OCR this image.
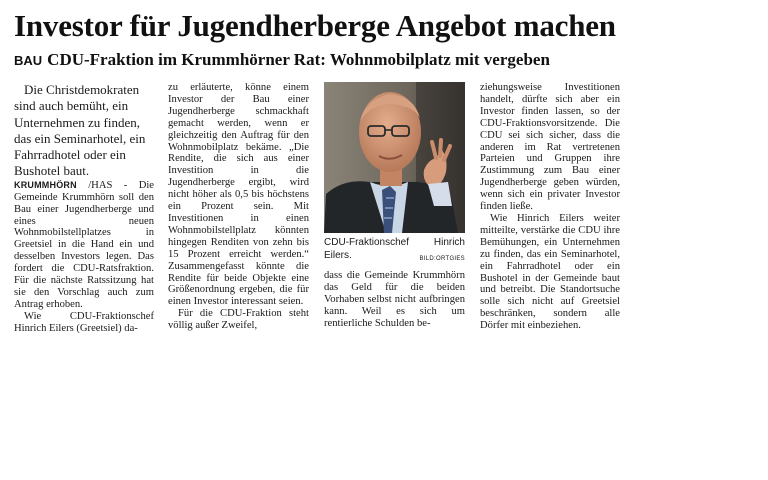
Investor für Jugendherberge Angebot machen
BAU CDU-Fraktion im Krummhörner Rat: Wohnmobilplatz mit vergeben

Die Christdemokraten sind auch bemüht, ein Unternehmen zu finden, das ein Seminarhotel, ein Fahrradhotel oder ein Bushotel baut.

KRUMMHÖRN /HAS - Die Gemeinde Krummhörn soll den Bau einer Jugendherberge und eines neuen Wohnmobilstellplatzes in Greetsiel in die Hand ein und desselben Investors legen. Das fordert die CDU-Ratsfraktion. Für die nächste Ratssitzung hat sie den Vorschlag auch zum Antrag erhoben.

Wie CDU-Fraktionschef Hinrich Eilers (Greetsiel) da-

zu erläuterte, könne einem Investor der Bau einer Jugendherberge schmackhaft gemacht werden, wenn er gleichzeitig den Auftrag für den Wohnmobilplatz bekäme. „Die Rendite, die sich aus einer Investition in die Jugendherberge ergibt, wird nicht höher als 0,5 bis höchstens ein Prozent sein. Mit Investitionen in einen Wohnmobilstellplatz könnten hingegen Renditen von zehn bis 15 Prozent erreicht werden.“ Zusammengefasst könnte die Rendite für beide Objekte eine Größenordnung ergeben, die für einen Investor interessant seien.

Für die CDU-Fraktion steht völlig außer Zweifel,

CDU-Fraktionschef Hinrich Eilers.	BILD:ORTGIES

dass die Gemeinde Krummhörn das Geld für die beiden Vorhaben selbst nicht aufbringen kann. Weil es sich um rentierliche Schulden be-

ziehungsweise Investitionen handelt, dürfte sich aber ein Investor finden lassen, so der CDU-Fraktionsvorsitzende. Die CDU sei sich sicher, dass die anderen im Rat vertretenen Parteien und Gruppen ihre Zustimmung zum Bau einer Jugendherberge geben würden, wenn sich ein privater Investor finden ließe.

Wie Hinrich Eilers weiter mitteilte, verstärke die CDU ihre Bemühungen, ein Unternehmen zu finden, das ein Seminarhotel, ein Fahrradhotel oder ein Bushotel in der Gemeinde baut und betreibt. Die Standortsuche solle sich nicht auf Greetsiel beschränken, sondern alle Dörfer mit einbeziehen.
